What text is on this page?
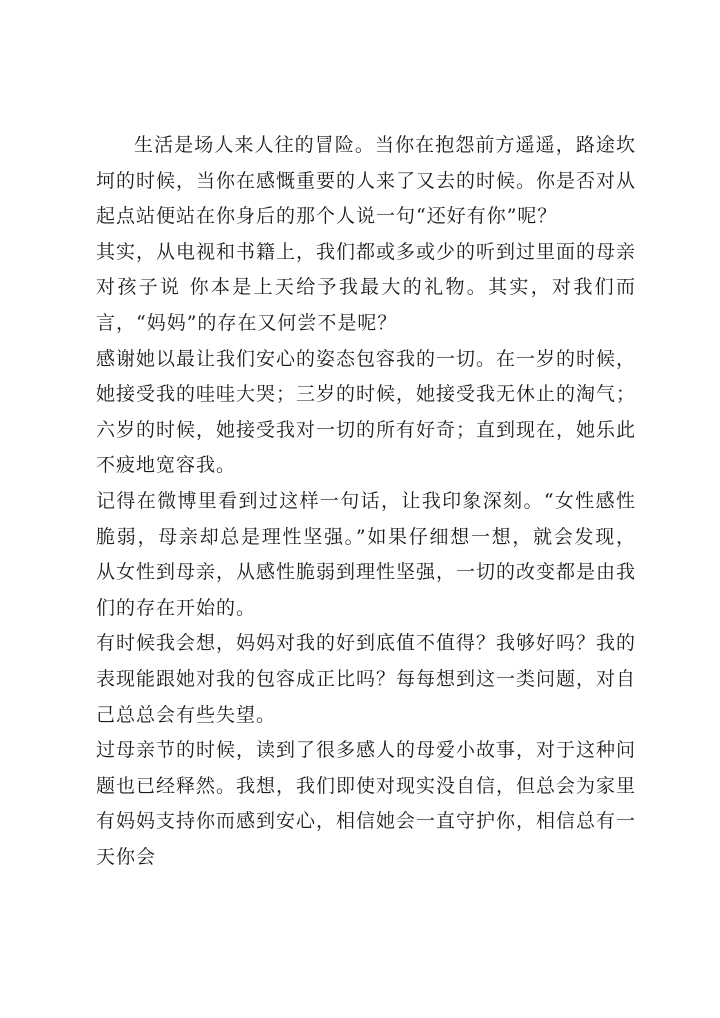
生活是场人来人往的冒险。当你在抱怨前方遥遥，路途坎坷的时候，当你在感慨重要的人来了又去的时候。你是否对从起点站便站在你身后的那个人说一句“还好有你”呢？

其实，从电视和书籍上，我们都或多或少的听到过里面的母亲对孩子说 你本是上天给予我最大的礼物。其实，对我们而言，“妈妈”的存在又何尝不是呢？

感谢她以最让我们安心的姿态包容我的一切。在一岁的时候，她接受我的哇哇大哭；三岁的时候，她接受我无休止的淘气；六岁的时候，她接受我对一切的所有好奇；直到现在，她乐此不疲地宽容我。

记得在微博里看到过这样一句话，让我印象深刻。“女性感性脆弱，母亲却总是理性坚强。”如果仔细想一想，就会发现，从女性到母亲，从感性脆弱到理性坚强，一切的改变都是由我们的存在开始的。

有时候我会想，妈妈对我的好到底值不值得？我够好吗？我的表现能跟她对我的包容成正比吗？每每想到这一类问题，对自己总总会有些失望。

过母亲节的时候，读到了很多感人的母爱小故事，对于这种问题也已经释然。我想，我们即使对现实没自信，但总会为家里有妈妈支持你而感到安心，相信她会一直守护你，相信总有一天你会
